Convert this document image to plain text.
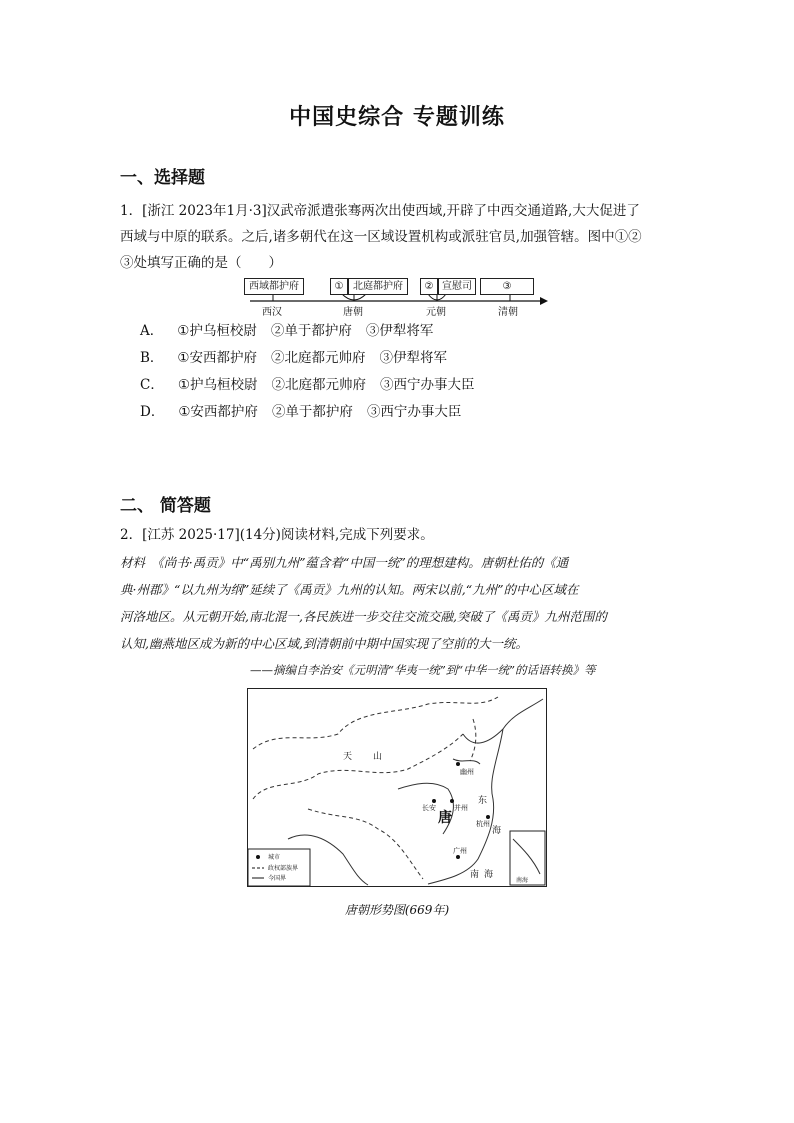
中国史综合 专题训练
一、选择题
1．[浙江 2023年1月·3]汉武帝派遣张骞两次出使西域,开辟了中西交通道路,大大促进了
西域与中原的联系。之后,诸多朝代在这一区域设置机构或派驻官员,加强管辖。图中①②
③处填写正确的是（　　）
西域都护府	① 北庭都护府	② 宣慰司	③
西汉	唐朝	元朝	清朝
A． ①护乌桓校尉 ②单于都护府 ③伊犁将军
B． ①安西都护府 ②北庭都元帅府 ③伊犁将军
C． ①护乌桓校尉 ②北庭都元帅府 ③西宁办事大臣
D． ①安西都护府 ②单于都护府 ③西宁办事大臣
二、 简答题
2．[江苏 2025·17](14分)阅读材料,完成下列要求。
材料　《尚书·禹贡》中“禹别九州”蕴含着“中国一统”的理想建构。唐朝杜佑的《通
典·州郡》“以九州为纲”延续了《禹贡》九州的认知。两宋以前,“九州”的中心区域在
河洛地区。从元朝开始,南北混一,各民族进一步交往交流交融,突破了《禹贡》九州范围的
认知,幽燕地区成为新的中心区域,到清朝前中期中国实现了空前的大一统。
——摘编自李治安《元明清“华夷一统”到“中华一统”的话语转换》等
天 山
唐
长安	并州
幽州
广州
杭州
东
海
南 海
南海
城市
政权部族界
今国界
唐朝形势图(669年)
